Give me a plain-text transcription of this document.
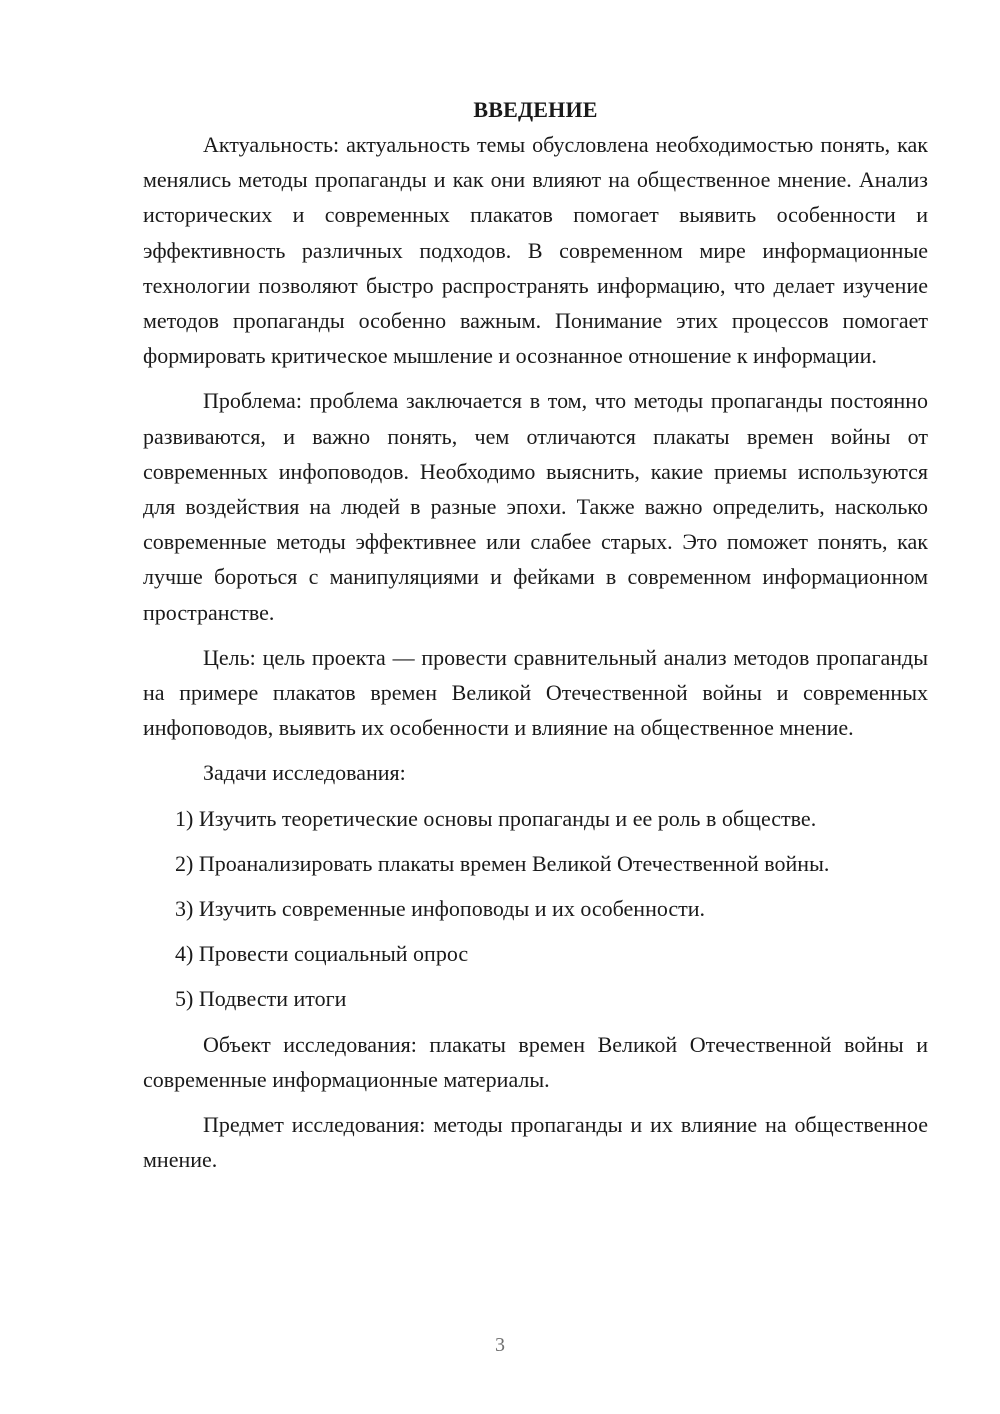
ВВЕДЕНИЕ

Актуальность: актуальность темы обусловлена необходимостью понять, как менялись методы пропаганды и как они влияют на общественное мнение. Анализ исторических и современных плакатов помогает выявить особенности и эффективность различных подходов. В современном мире информационные технологии позволяют быстро распространять информацию, что делает изучение методов пропаганды особенно важным. Понимание этих процессов помогает формировать критическое мышление и осознанное отношение к информации.

Проблема: проблема заключается в том, что методы пропаганды постоянно развиваются, и важно понять, чем отличаются плакаты времен войны от современных инфоповодов. Необходимо выяснить, какие приемы используются для воздействия на людей в разные эпохи. Также важно определить, насколько современные методы эффективнее или слабее старых. Это поможет понять, как лучше бороться с манипуляциями и фейками в современном информационном пространстве.

Цель: цель проекта — провести сравнительный анализ методов пропаганды на примере плакатов времен Великой Отечественной войны и современных инфоповодов, выявить их особенности и влияние на общественное мнение.

Задачи исследования:

1) Изучить теоретические основы пропаганды и ее роль в обществе.
2) Проанализировать плакаты времен Великой Отечественной войны.
3) Изучить современные инфоповоды и их особенности.
4) Провести социальный опрос
5) Подвести итоги

Объект исследования: плакаты времен Великой Отечественной войны и современные информационные материалы.

Предмет исследования: методы пропаганды и их влияние на общественное мнение.

3
